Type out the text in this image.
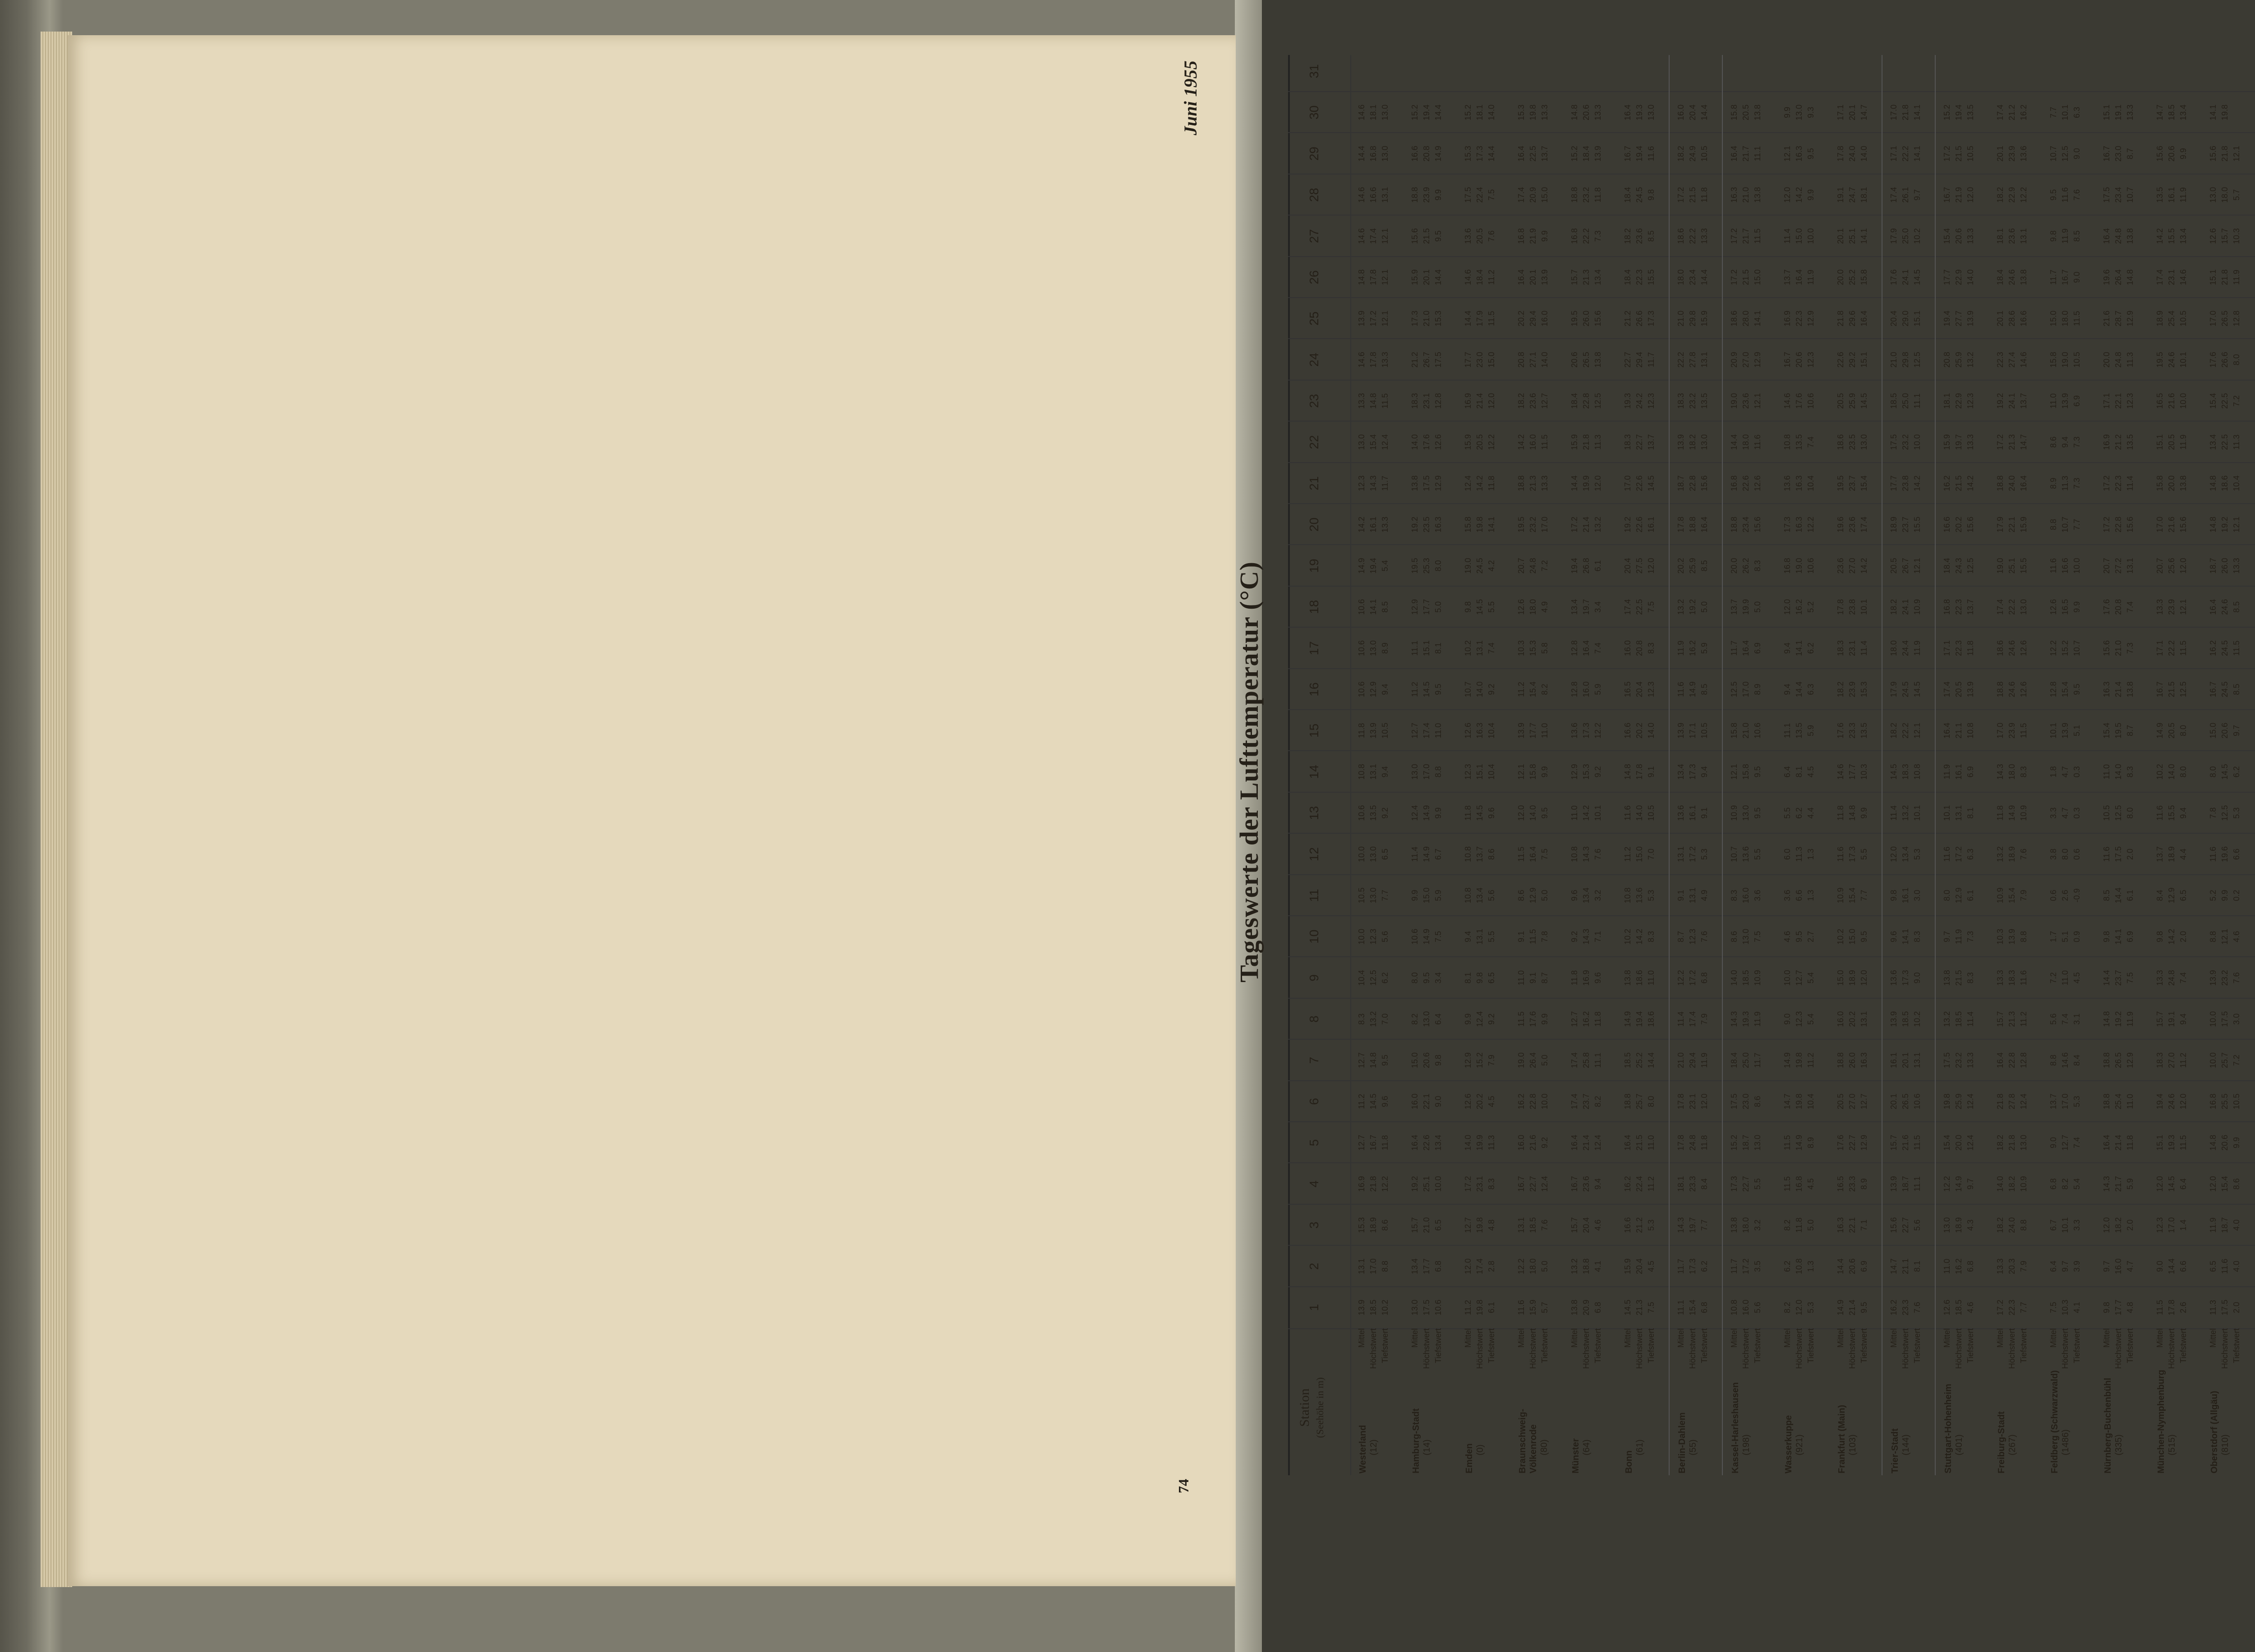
74
Juni 1955
Tageswerte der Lufttemperatur (°C)
Station (Seehöhe in m)
1
2
3
4
5
6
7
8
9
10
11
12
13
14
15
16
17
18
19
20
21
22
23
24
25
26
27
28
29
30
31
Westerland (12)
Mittel Höchstwert Tiefstwert
13.9 18.5 10.2
13.1 17.0 8.8
15.3 18.9 8.6
16.9 21.8 12.2
12.7 16.7 11.8
11.2 14.5 9.6
12.7 14.8 9.5
8.3 13.2 7.0
10.4 12.5 6.2
10.0 12.3 5.6
10.5 13.0 7.7
10.0 13.0 6.5
10.6 13.5 9.2
10.8 13.1 9.4
11.8 13.9 10.5
10.6 12.9 9.4
10.6 13.0 8.9
10.6 14.1 8.5
14.9 19.4 5.4
14.2 16.1 13.3
12.3 14.3 11.7
13.0 15.4 12.4
13.3 14.8 11.5
14.6 17.8 13.3
13.9 17.2 12.1
14.8 17.8 12.1
14.6 17.4 12.1
14.6 16.6 13.1
14.4 16.8 13.0
14.6 18.1 13.0

Hamburg-Stadt (14)
Mittel Höchstwert Tiefstwert
13.0 17.5 10.6
13.4 17.7 6.8
15.7 21.0 6.5
19.2 25.1 10.0
16.4 22.6 13.4
16.0 22.1 9.0
15.0 20.6 9.8
8.2 13.0 6.4
8.0 9.5 3.4
10.6 14.9 7.5
9.9 15.0 5.9
11.4 14.9 6.7
12.4 14.9 9.9
13.0 17.0 8.8
12.7 17.4 11.0
11.2 14.5 9.5
11.1 15.1 8.1
12.9 17.7 5.0
19.5 25.3 8.0
19.2 23.5 16.3
13.8 17.5 12.9
14.0 17.6 12.6
18.3 23.1 12.8
21.2 26.7 17.5
17.3 21.0 15.3
15.9 20.1 14.4
15.6 21.5 9.5
18.8 23.9 9.9
16.6 20.8 14.9
15.2 19.4 14.4

Emden (0)
Mittel Höchstwert Tiefstwert
11.2 19.8 6.1
12.0 17.4 2.8
12.7 19.8 4.8
17.2 23.1 8.3
14.0 19.9 11.3
12.6 20.2 4.5
12.9 15.2 7.9
9.9 12.4 9.2
8.1 9.8 6.5
9.4 13.1 5.5
10.8 13.4 5.6
10.8 13.7 8.6
11.8 14.5 9.6
12.3 15.1 10.4
12.6 16.3 10.4
10.7 14.0 9.2
10.2 13.1 7.4
9.8 14.5 5.5
19.0 24.5 4.2
15.8 19.8 14.1
12.4 14.2 11.8
15.9 20.5 12.2
16.9 21.4 12.0
17.7 23.0 15.0
14.4 17.9 11.5
14.6 18.4 11.2
13.6 20.5 7.6
17.5 22.4 7.5
15.3 17.3 14.4
15.2 18.1 14.0

Braunschweig-Völkenrode (80)
Mittel Höchstwert Tiefstwert
11.6 15.9 5.7
12.2 18.0 5.0
13.1 18.5 7.6
16.7 22.7 12.4
16.0 21.6 9.2
16.2 22.8 10.0
19.0 26.4 5.0
11.5 17.6 9.9
11.0 9.1 8.7
9.1 11.5 7.8
8.6 12.9 5.0
11.5 16.4 7.5
12.0 14.0 9.5
12.1 15.8 9.9
13.9 17.7 11.0
11.2 15.4 8.2
10.3 15.3 5.8
12.6 18.0 4.9
20.7 24.8 7.2
19.5 23.2 17.0
18.8 21.3 13.3
14.2 16.0 11.5
18.2 23.6 12.7
20.8 27.1 14.0
20.2 29.4 16.0
16.4 20.1 13.9
16.8 21.9 9.9
17.4 20.9 15.0
16.4 22.5 13.7
15.3 19.8 13.3

Münster (64)
Mittel Höchstwert Tiefstwert
13.8 20.9 6.8
13.2 18.8 4.1
15.7 20.4 4.6
16.7 23.6 9.4
16.4 21.4 12.4
17.4 23.7 8.2
17.4 25.8 11.1
12.7 16.2 11.8
11.8 16.9 9.6
9.2 14.3 7.1
9.6 13.4 3.2
10.8 14.3 7.6
11.0 14.2 10.1
12.9 15.3 9.2
13.6 17.3 12.2
12.8 16.0 5.9
12.8 16.4 7.4
13.4 19.7 3.4
19.4 26.8 6.1
17.2 21.4 13.2
14.4 19.9 12.0
15.9 21.8 11.3
18.4 22.8 12.5
20.6 26.5 13.8
19.5 26.0 15.6
15.7 21.3 13.4
16.8 22.2 7.3
18.8 23.2 11.8
15.2 18.4 13.9
14.8 20.6 13.3

Bonn
(61)
Mittel Höchstwert Tiefstwert
14.5 21.3 7.5
15.9 20.4 4.5
16.6 21.2 5.3
16.2 22.4 11.2
16.4 21.5 11.0
18.8 25.7 8.0
18.5 25.2 14.4
14.9 19.4 18.6
13.8 18.6 11.0
10.2 14.2 8.3
10.8 13.6 5.3
11.2 15.0 7.0
11.6 14.0 10.5
14.8 17.8 9.1
16.6 20.2 14.0
16.5 20.4 12.3
16.0 20.8 8.3
17.4 22.5 7.5
20.4 27.5 12.0
19.2 22.6 16.1
17.0 22.6 14.5
18.3 22.7 13.7
19.3 24.2 12.3
22.7 29.4 11.7
21.2 26.6 17.3
18.4 22.3 15.5
18.2 23.6 8.5
18.4 24.5 9.8
16.7 19.4 11.6
16.4 19.3 13.0

Berlin-Dahlem (55)
Mittel Höchstwert Tiefstwert
11.1 15.4 6.8
11.7 17.3 6.2
14.3 19.7 7.7
18.1 23.3 8.4
17.8 24.8 11.8
17.8 23.1 12.0
21.0 29.4 11.9
11.4 17.4 7.9
12.2 17.2 6.8
8.7 12.3 7.6
9.1 13.1 4.9
13.1 17.2 5.3
13.6 16.1 9.1
13.4 17.3 9.4
13.9 17.1 10.5
11.6 14.9 8.5
11.9 16.2 5.9
13.2 19.2 5.0
20.2 25.9 8.5
17.8 18.8 16.4
18.7 22.8 15.6
13.9 18.2 13.0
18.3 23.2 13.5
22.2 27.8 13.1
21.0 29.8 15.9
18.0 23.4 14.4
18.6 22.2 13.3
17.2 21.5 11.8
18.2 24.9 10.5
16.0 20.4 14.4

Kassel-Harleshausen (198)
Mittel Höchstwert Tiefstwert
10.8 16.0 5.6
11.7 17.2 3.5
13.8 18.0 3.2
17.3 22.7 5.5
15.2 18.7 13.0
17.5 23.0 8.6
18.4 25.0 11.7
14.3 19.3 11.9
14.0 18.5 10.9
8.6 13.0 7.5
8.3 16.0 3.6
10.7 13.6 5.5
10.9 13.0 9.5
12.1 15.8 9.5
15.8 21.0 10.6
12.5 17.0 8.9
11.7 16.4 6.9
13.7 19.9 5.0
20.0 26.2 8.3
18.8 23.4 15.6
16.8 22.6 12.6
14.4 18.0 11.6
19.0 23.6 12.1
20.9 27.0 12.9
18.6 28.0 14.1
17.2 21.5 15.0
17.2 21.7 11.5
16.3 21.0 13.8
16.4 21.7 11.1
15.8 20.5 13.8

Wasserkuppe (921)
Mittel Höchstwert Tiefstwert
8.2 12.0 5.3
6.2 10.8 1.3
8.2 11.8 5.0
11.5 16.8 4.5
11.5 14.9 8.9
14.7 19.8 10.4
14.9 19.8 11.2
9.0 12.3 5.4
10.0 12.7 5.4
4.6 9.5 2.7
3.6 6.6 1.3
6.0 11.3 1.3
5.5 6.2 4.4
6.4 8.1 4.5
11.1 13.5 5.9
9.4 14.4 6.3
9.4 14.1 6.2
12.0 16.2 5.2
16.8 19.0 10.6
17.3 16.3 12.2
13.6 16.3 10.4
10.8 13.5 7.4
14.6 17.6 10.6
16.7 20.6 12.3
16.9 22.3 12.9
13.7 16.4 11.9
11.4 15.0 10.0
12.0 14.2 9.9
12.1 16.3 9.5
9.9 13.0 9.3

Frankfurt (Main) (103)
Mittel Höchstwert Tiefstwert
14.9 21.4 9.5
14.4 20.6 6.9
16.3 22.1 7.1
16.5 23.3 8.9
17.6 22.7 12.9
20.5 27.0 12.7
18.8 26.0 16.3
16.0 20.2 13.1
15.0 18.9 12.0
10.2 15.0 9.5
10.9 15.4 7.7
11.6 17.3 5.5
11.8 14.8 9.9
14.6 17.7 10.3
17.6 23.3 13.5
18.2 23.9 15.3
18.3 23.1 11.4
17.8 23.8 10.1
23.6 27.0 14.2
19.6 23.6 17.4
19.5 23.7 15.4
18.6 23.5 13.0
20.5 25.9 14.5
22.6 29.2 15.1
21.8 29.6 16.4
20.0 25.2 15.8
20.1 25.1 14.1
19.1 24.7 18.1
17.8 24.0 14.0
17.1 20.1 14.7

Trier-Stadt (144)
Mittel Höchstwert Tiefstwert
16.2 23.3 7.6
14.7 21.1 8.1
15.6 22.7 5.6
13.9 18.7 11.1
15.7 21.6 11.5
20.1 26.5 10.6
16.1 20.1 13.1
13.9 18.5 10.2
13.6 17.3 9.0
9.6 14.1 8.3
9.8 16.1 3.0
12.0 13.4 5.3
11.4 13.2 10.1
14.5 18.3 10.8
18.2 22.2 12.1
17.9 24.5 14.5
18.0 24.4 11.9
18.2 24.1 10.9
20.5 26.7 12.1
18.9 23.7 15.5
17.7 23.8 14.2
17.5 23.2 10.0
18.5 25.0 11.1
21.0 29.8 12.5
20.4 29.0 15.1
17.6 24.1 14.5
17.9 25.0 10.2
17.4 26.1 9.7
17.1 22.2 14.1
17.0 21.8 14.1

Stuttgart-Hohenheim (401)
Mittel Höchstwert Tiefstwert
12.6 18.5 4.6
11.0 16.2 6.8
13.0 18.9 4.3
12.2 14.9 9.7
15.4 20.0 12.4
19.8 25.9 12.4
17.5 23.2 13.3
13.2 18.5 11.4
13.8 21.5 8.3
9.7 11.9 7.3
8.0 12.9 6.1
11.6 17.2 6.3
10.1 13.1 8.1
11.9 16.1 6.9
16.4 21.1 10.8
17.4 20.5 13.9
17.1 22.3 11.8
16.8 22.3 13.7
18.4 24.3 12.5
16.6 20.2 15.6
16.2 21.5 14.2
15.9 19.7 13.3
18.1 22.9 12.3
20.8 25.9 13.2
19.4 27.7 13.9
17.7 22.9 14.0
15.4 20.6 13.3
16.7 21.9 12.0
17.2 21.5 10.5
15.2 19.4 13.5

Freiburg-Stadt (267)
Mittel Höchstwert Tiefstwert
17.2 22.3 7.7
13.3 20.3 7.9
18.2 24.0 8.8
14.0 18.2 10.9
18.2 21.8 13.0
21.8 27.8 12.4
16.4 22.8 12.8
15.7 21.3 11.2
13.3 18.3 11.6
10.3 13.9 8.8
10.9 15.4 7.9
13.2 18.9 7.6
11.8 14.9 10.9
14.3 18.0 8.3
17.0 23.9 11.5
18.8 24.6 12.6
18.6 24.6 12.6
17.4 22.2 13.0
19.0 25.1 15.5
17.9 22.1 15.9
18.8 24.0 16.4
17.2 21.3 14.7
19.2 24.1 13.7
22.3 27.4 14.6
20.1 28.6 16.6
18.4 24.6 13.8
18.1 23.6 13.1
18.2 22.9 12.2
20.1 23.9 13.6
17.4 21.2 16.2

Feldberg (Schwarzwald) (1486)
Mittel Höchstwert Tiefstwert
7.5 10.3 4.1
6.4 9.7 3.9
6.7 10.1 3.3
6.8 8.2 5.4
9.0 12.7 7.4
13.7 17.0 5.3
8.8 14.6 8.4
5.6 7.4 3.1
7.2 11.0 4.5
1.7 5.1 0.9
0.6 2.6 -0.9
3.8 8.0 0.6
3.3 4.7 0.3
1.8 4.7 0.3
10.1 13.9 5.1
12.8 15.4 9.5
12.2 15.2 10.7
12.6 16.5 9.9
11.6 16.6 10.0
8.8 10.7 7.7
8.9 11.3 7.3
8.6 9.4 7.3
11.0 13.9 6.9
15.8 19.0 10.5
15.0 18.0 11.5
11.7 16.7 9.0
9.8 11.9 8.5
9.5 11.6 7.6
10.7 12.5 9.0
7.7 10.1 6.3

Nürnberg-Buchenbühl (335)
Mittel Höchstwert Tiefstwert
9.8 17.7 4.8
9.7 16.0 4.7
12.0 18.2 2.0
14.3 21.7 5.9
16.4 21.4 11.8
18.8 25.4 11.0
18.8 26.5 12.9
14.8 19.2 11.9
14.4 23.7 7.5
9.8 14.1 6.9
8.5 14.4 6.1
11.6 17.5 2.0
10.5 12.5 8.0
11.0 14.0 8.3
15.4 19.5 8.7
16.3 21.4 13.8
15.6 21.0 7.3
17.6 20.8 7.4
20.7 27.2 13.1
17.2 22.8 15.6
17.2 22.3 11.4
16.9 21.2 13.5
17.1 22.1 12.3
20.0 24.8 11.3
21.6 28.7 12.9
19.6 26.4 14.8
16.4 24.8 13.8
17.5 23.4 10.7
16.7 23.0 8.7
15.1 19.1 13.3

München-Nymphenburg (515)
Mittel Höchstwert Tiefstwert
11.5 17.8 2.6
9.0 14.4 6.6
12.3 17.0 1.4
12.0 14.5 6.4
15.1 19.3 11.5
19.4 24.6 12.0
18.3 27.0 11.2
15.7 19.1 9.4
13.3 24.8 7.4
9.8 14.2 2.0
8.4 12.9 6.5
13.7 18.9 4.4
11.6 15.5 9.4
10.2 14.0 8.0
14.9 20.5 8.0
16.7 21.5 12.5
17.1 22.2 11.5
13.3 23.9 12.1
20.7 25.6 12.0
17.0 21.6 15.6
15.8 20.0 13.8
15.1 20.5 11.9
16.5 21.6 10.0
19.5 24.6 10.1
18.9 25.4 10.5
17.4 23.1 14.6
14.2 15.5 13.4
13.5 16.1 11.9
15.6 20.6 9.9
14.7 18.5 13.4

Oberstdorf (Allgäu) (810)
Mittel Höchstwert Tiefstwert
11.3 17.5 2.0
6.5 11.6 4.0
11.9 18.7 4.0
12.0 15.4 8.6
14.8 20.6 9.9
16.8 25.5 10.5
10.0 25.7 7.2
10.0 17.5 3.0
13.9 23.2 7.6
8.8 12.1 4.6
5.2 9.9 0.2
11.6 19.6 6.6
7.8 12.5 5.3
8.0 14.5 6.2
15.0 20.6 9.7
16.7 24.5 8.5
16.2 24.5 11.5
16.4 24.6 8.5
18.7 26.0 13.3
14.8 19.2 12.1
14.8 18.6 10.4
13.4 22.5 11.3
15.4 22.5 7.2
17.6 26.6 8.0
17.0 26.5 12.8
15.1 21.8 11.9
12.6 15.7 10.3
13.0 18.0 5.7
15.6 21.8 12.1
14.1 19.8
